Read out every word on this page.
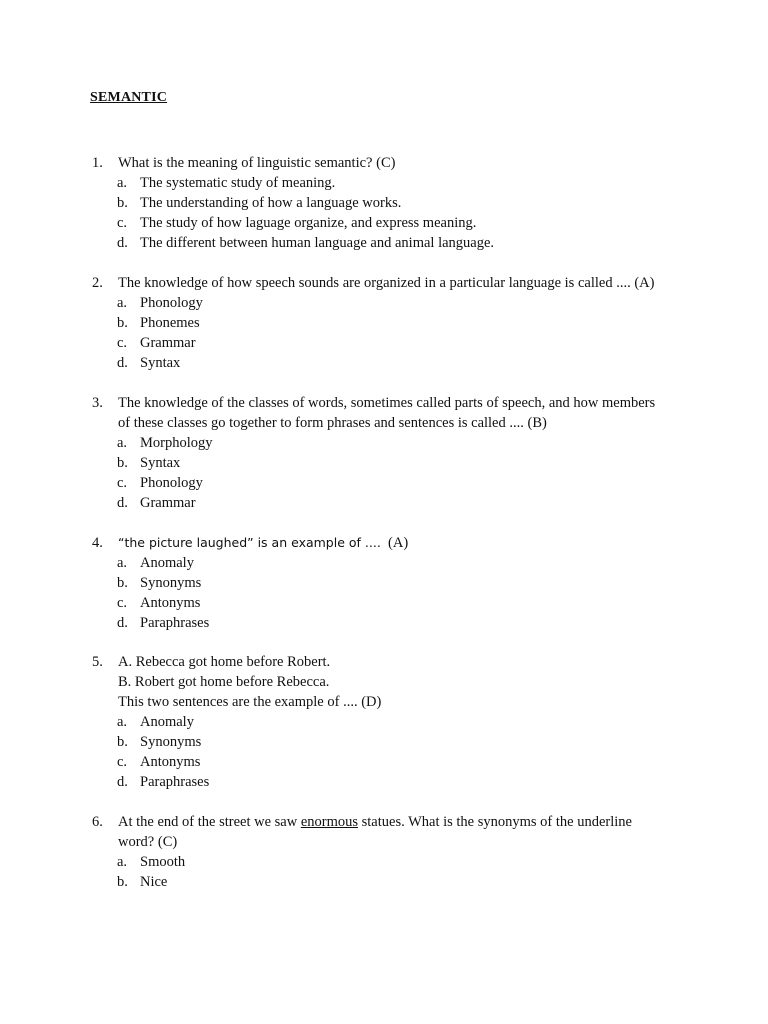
SEMANTIC
1. What is the meaning of linguistic semantic? (C)
a. The systematic study of meaning.
b. The understanding of how a language works.
c. The study of how laguage organize, and express meaning.
d. The different between human language and animal language.
2. The knowledge of how speech sounds are organized in a particular language is called .... (A)
a. Phonology
b. Phonemes
c. Grammar
d. Syntax
3. The knowledge of the classes of words, sometimes called parts of speech, and how members
of these classes go together to form phrases and sentences is called .... (B)
a. Morphology
b. Syntax
c. Phonology
d. Grammar
4. “the picture laughed” is an example of .... (A)
a. Anomaly
b. Synonyms
c. Antonyms
d. Paraphrases
5. A. Rebecca got home before Robert.
B. Robert got home before Rebecca.
This two sentences are the example of .... (D)
a. Anomaly
b. Synonyms
c. Antonyms
d. Paraphrases
6. At the end of the street we saw enormous statues. What is the synonyms of the underline
word? (C)
a. Smooth
b. Nice
